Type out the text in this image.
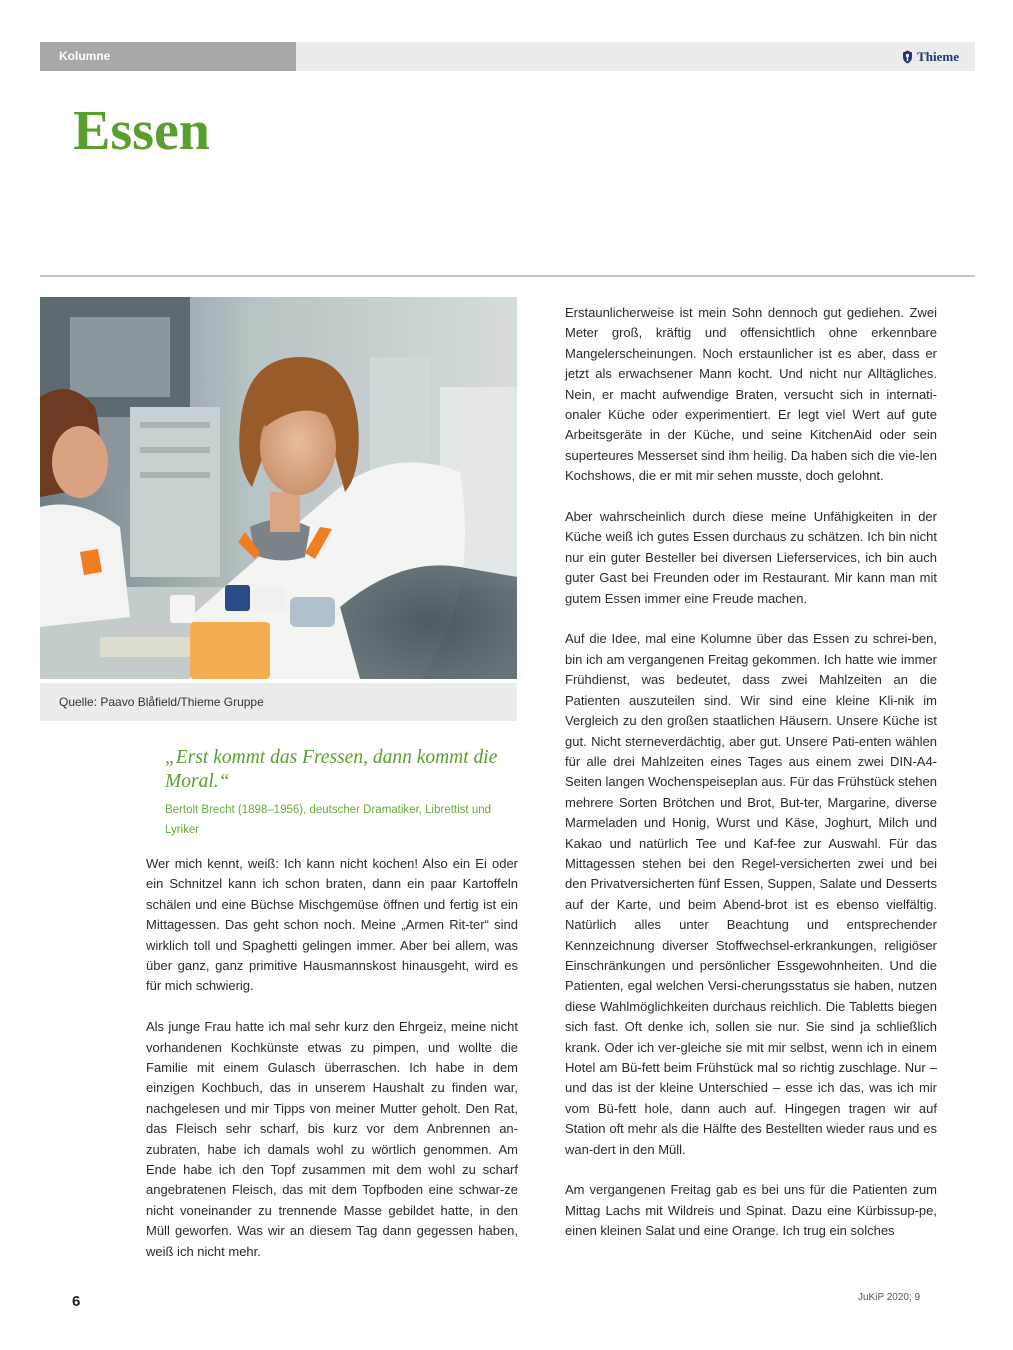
Kolumne	Thieme
Essen
Quelle: Paavo Blåfield/Thieme Gruppe

„Erst kommt das Fressen, dann kommt die Moral.“

Bertolt Brecht (1898–1956), deutscher Dramatiker, Librettist und Lyriker

Wer mich kennt, weiß: Ich kann nicht kochen! Also ein Ei oder ein Schnitzel kann ich schon braten, dann ein paar Kartoffeln schälen und eine Büchse Mischgemüse öffnen und fertig ist ein Mittagessen. Das geht schon noch. Meine „Armen Rit-ter“ sind wirklich toll und Spaghetti gelingen immer. Aber bei allem, was über ganz, ganz primitive Hausmannskost hinausgeht, wird es für mich schwierig.

Als junge Frau hatte ich mal sehr kurz den Ehrgeiz, meine nicht vorhandenen Kochkünste etwas zu pimpen, und wollte die Familie mit einem Gulasch überraschen. Ich habe in dem einzigen Kochbuch, das in unserem Haushalt zu finden war, nachgelesen und mir Tipps von meiner Mutter geholt. Den Rat, das Fleisch sehr scharf, bis kurz vor dem Anbrennen an-zubraten, habe ich damals wohl zu wörtlich genommen. Am Ende habe ich den Topf zusammen mit dem wohl zu scharf angebratenen Fleisch, das mit dem Topfboden eine schwar-ze nicht voneinander zu trennende Masse gebildet hatte, in den Müll geworfen. Was wir an diesem Tag dann gegessen haben, weiß ich nicht mehr.

Erstaunlicherweise ist mein Sohn dennoch gut gediehen. Zwei Meter groß, kräftig und offensichtlich ohne erkennbare Mangelerscheinungen. Noch erstaunlicher ist es aber, dass er jetzt als erwachsener Mann kocht. Und nicht nur Alltägliches. Nein, er macht aufwendige Braten, versucht sich in internati-onaler Küche oder experimentiert. Er legt viel Wert auf gute Arbeitsgeräte in der Küche, und seine KitchenAid oder sein superteures Messerset sind ihm heilig. Da haben sich die vie-len Kochshows, die er mit mir sehen musste, doch gelohnt.

Aber wahrscheinlich durch diese meine Unfähigkeiten in der Küche weiß ich gutes Essen durchaus zu schätzen. Ich bin nicht nur ein guter Besteller bei diversen Lieferservices, ich bin auch guter Gast bei Freunden oder im Restaurant. Mir kann man mit gutem Essen immer eine Freude machen.

Auf die Idee, mal eine Kolumne über das Essen zu schrei-ben, bin ich am vergangenen Freitag gekommen. Ich hatte wie immer Frühdienst, was bedeutet, dass zwei Mahlzeiten an die Patienten auszuteilen sind. Wir sind eine kleine Kli-nik im Vergleich zu den großen staatlichen Häusern. Unsere Küche ist gut. Nicht sterneverdächtig, aber gut. Unsere Pati-enten wählen für alle drei Mahlzeiten eines Tages aus einem zwei DIN-A4-Seiten langen Wochenspeiseplan aus. Für das Frühstück stehen mehrere Sorten Brötchen und Brot, But-ter, Margarine, diverse Marmeladen und Honig, Wurst und Käse, Joghurt, Milch und Kakao und natürlich Tee und Kaf-fee zur Auswahl. Für das Mittagessen stehen bei den Regel-versicherten zwei und bei den Privatversicherten fünf Essen, Suppen, Salate und Desserts auf der Karte, und beim Abend-brot ist es ebenso vielfältig. Natürlich alles unter Beachtung und entsprechender Kennzeichnung diverser Stoffwechsel-erkrankungen, religiöser Einschränkungen und persönlicher Essgewohnheiten. Und die Patienten, egal welchen Versi-cherungsstatus sie haben, nutzen diese Wahlmöglichkeiten durchaus reichlich. Die Tabletts biegen sich fast. Oft denke ich, sollen sie nur. Sie sind ja schließlich krank. Oder ich ver-gleiche sie mit mir selbst, wenn ich in einem Hotel am Bü-fett beim Frühstück mal so richtig zuschlage. Nur – und das ist der kleine Unterschied – esse ich das, was ich mir vom Bü-fett hole, dann auch auf. Hingegen tragen wir auf Station oft mehr als die Hälfte des Bestellten wieder raus und es wan-dert in den Müll.

Am vergangenen Freitag gab es bei uns für die Patienten zum Mittag Lachs mit Wildreis und Spinat. Dazu eine Kürbissup-pe, einen kleinen Salat und eine Orange. Ich trug ein solches

6	JuKiP 2020; 9
